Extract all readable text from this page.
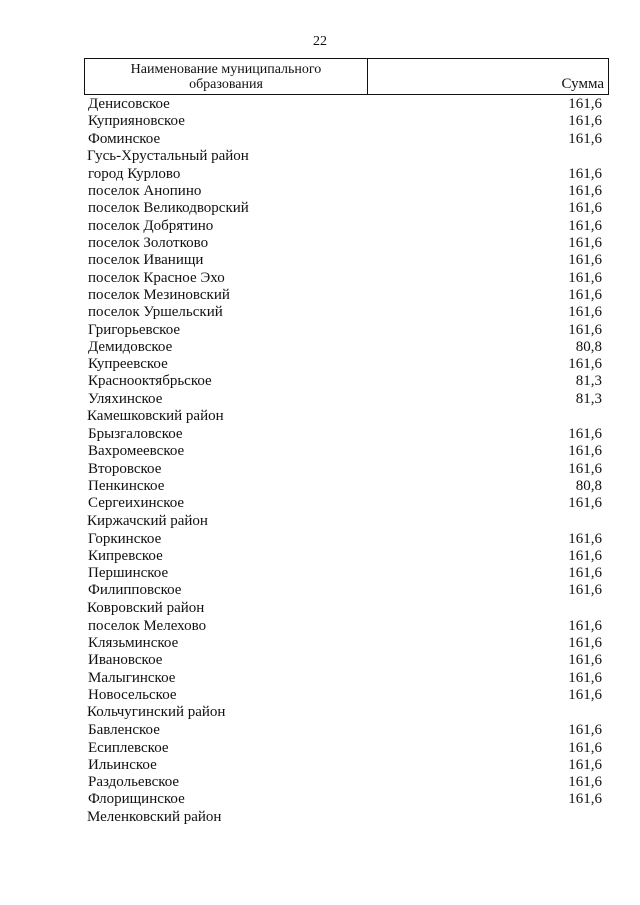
22
Наименование муниципального
образования	Сумма
Денисовское	161,6
Куприяновское	161,6
Фоминское	161,6
Гусь-Хрустальный район
город Курлово	161,6
поселок Анопино	161,6
поселок Великодворский	161,6
поселок Добрятино	161,6
поселок Золотково	161,6
поселок Иванищи	161,6
поселок Красное Эхо	161,6
поселок Мезиновский	161,6
поселок Уршельский	161,6
Григорьевское	161,6
Демидовское	80,8
Купреевское	161,6
Краснооктябрьское	81,3
Уляхинское	81,3
Камешковский район
Брызгаловское	161,6
Вахромеевское	161,6
Второвское	161,6
Пенкинское	80,8
Сергеихинское	161,6
Киржачский район
Горкинское	161,6
Кипревское	161,6
Першинское	161,6
Филипповское	161,6
Ковровский район
поселок Мелехово	161,6
Клязьминское	161,6
Ивановское	161,6
Малыгинское	161,6
Новосельское	161,6
Кольчугинский район
Бавленское	161,6
Есиплевское	161,6
Ильинское	161,6
Раздольевское	161,6
Флорищинское	161,6
Меленковский район
